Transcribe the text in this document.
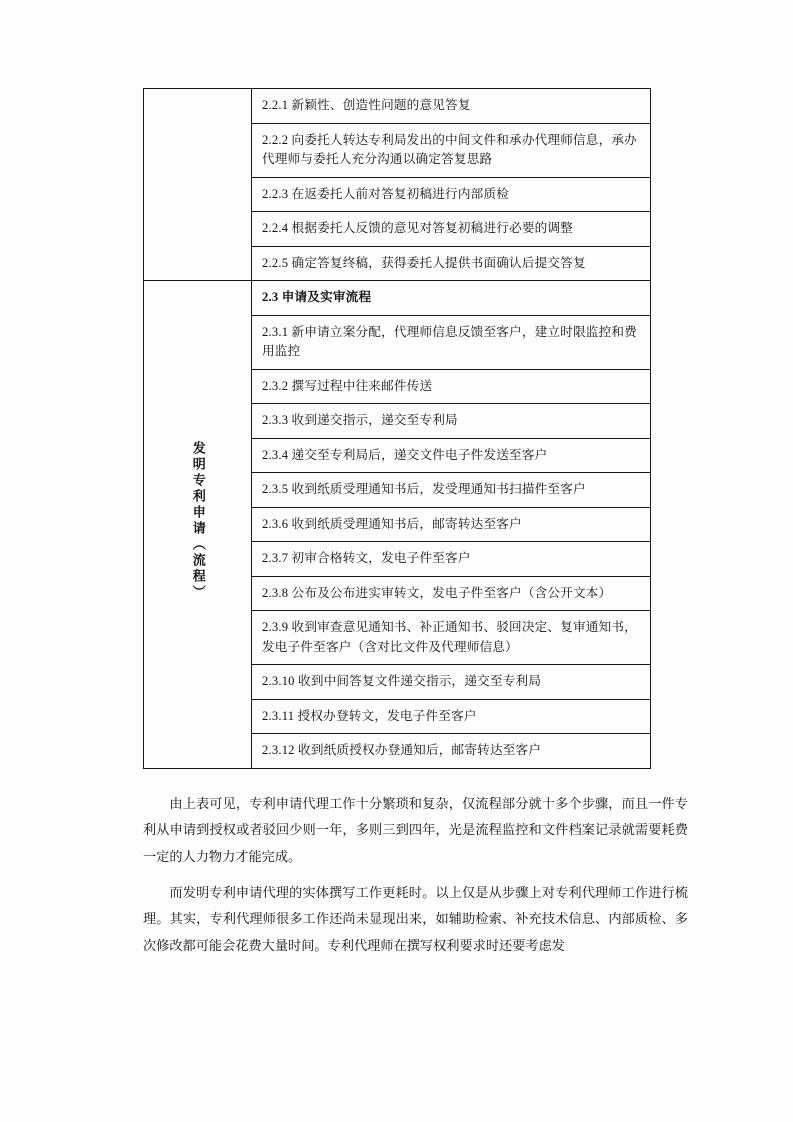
	2.2.1 新颖性、创造性问题的意见答复
	2.2.2 向委托人转达专利局发出的中间文件和承办代理师信息，承办代理师与委托人充分沟通以确定答复思路
	2.2.3 在返委托人前对答复初稿进行内部质检
	2.2.4 根据委托人反馈的意见对答复初稿进行必要的调整
	2.2.5 确定答复终稿，获得委托人提供书面确认后提交答复
发明专利申请（流程）	2.3 申请及实审流程
	2.3.1 新申请立案分配，代理师信息反馈至客户，建立时限监控和费用监控
	2.3.2 撰写过程中往来邮件传送
	2.3.3 收到递交指示，递交至专利局
	2.3.4 递交至专利局后，递交文件电子件发送至客户
	2.3.5 收到纸质受理通知书后，发受理通知书扫描件至客户
	2.3.6 收到纸质受理通知书后，邮寄转达至客户
	2.3.7 初审合格转文，发电子件至客户
	2.3.8 公布及公布进实审转文，发电子件至客户（含公开文本）
	2.3.9 收到审查意见通知书、补正通知书、驳回决定、复审通知书，发电子件至客户（含对比文件及代理师信息）
	2.3.10 收到中间答复文件递交指示，递交至专利局
	2.3.11 授权办登转文，发电子件至客户
	2.3.12 收到纸质授权办登通知后，邮寄转达至客户

由上表可见，专利申请代理工作十分繁琐和复杂，仅流程部分就十多个步骤，而且一件专利从申请到授权或者驳回少则一年，多则三到四年，光是流程监控和文件档案记录就需要耗费一定的人力物力才能完成。

而发明专利申请代理的实体撰写工作更耗时。以上仅是从步骤上对专利代理师工作进行梳理。其实，专利代理师很多工作还尚未显现出来，如辅助检索、补充技术信息、内部质检、多次修改都可能会花费大量时间。专利代理师在撰写权利要求时还要考虑发
